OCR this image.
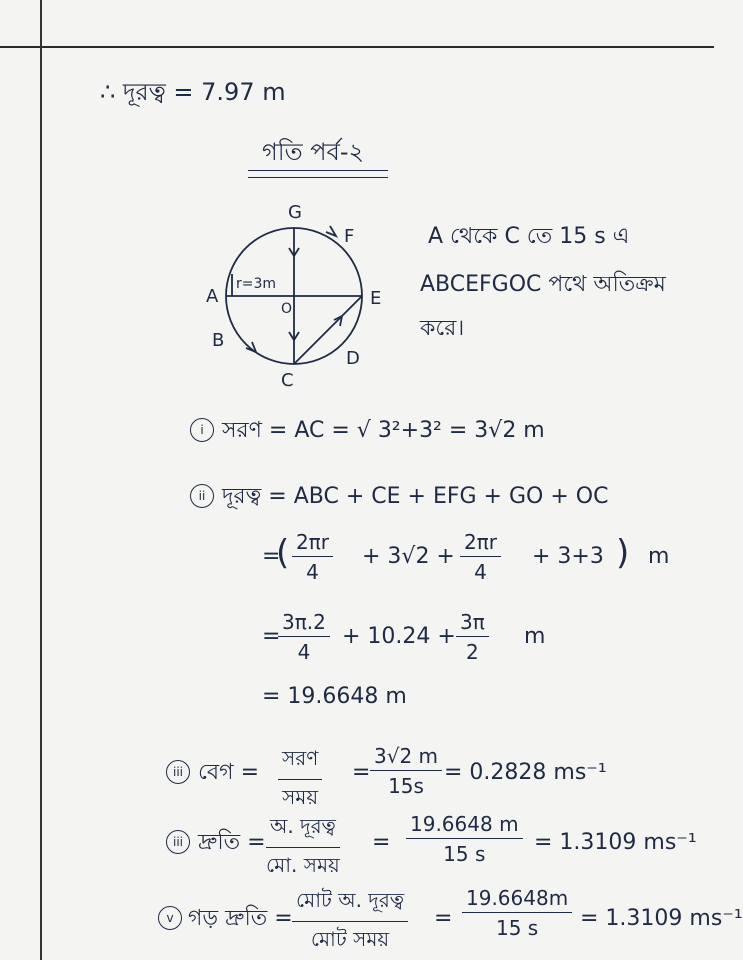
∴ দূরত্ব = 7.97 m
গতি পর্ব-২
G
F
A	E
O
B
D
C
r=3m
A থেকে C তে 15 s এ
ABCEFGOC পথে অতিক্রম
করে।
i সরণ = AC = √ 3²+3² = 3√2 m
ii দূরত্ব = ABC + CE + EFG + GO + OC
=
( $\frac{2\pi r}{4} + 3√2 + \frac{2\pi r}{4} + 3+3$ ) m
=
$\frac{3\pi.2}{4} + 10.24 + \frac{3\pi}{2}$ m
= 19.6648 m
iii বেগ =
সরণ
সময়
= $\frac{3√2 m}{15s} = 0.2828$ ms⁻¹
iii দ্রুতি =
অ. দূরত্ব
মো. সময়
= $\frac{19.6648 m}{15 s} = 1.3109$ ms⁻¹
v গড় দ্রুতি =
মোট অ. দূরত্ব
মোট সময়
= $\frac{19.6648m}{15 s} = 1.3109$ ms⁻¹
